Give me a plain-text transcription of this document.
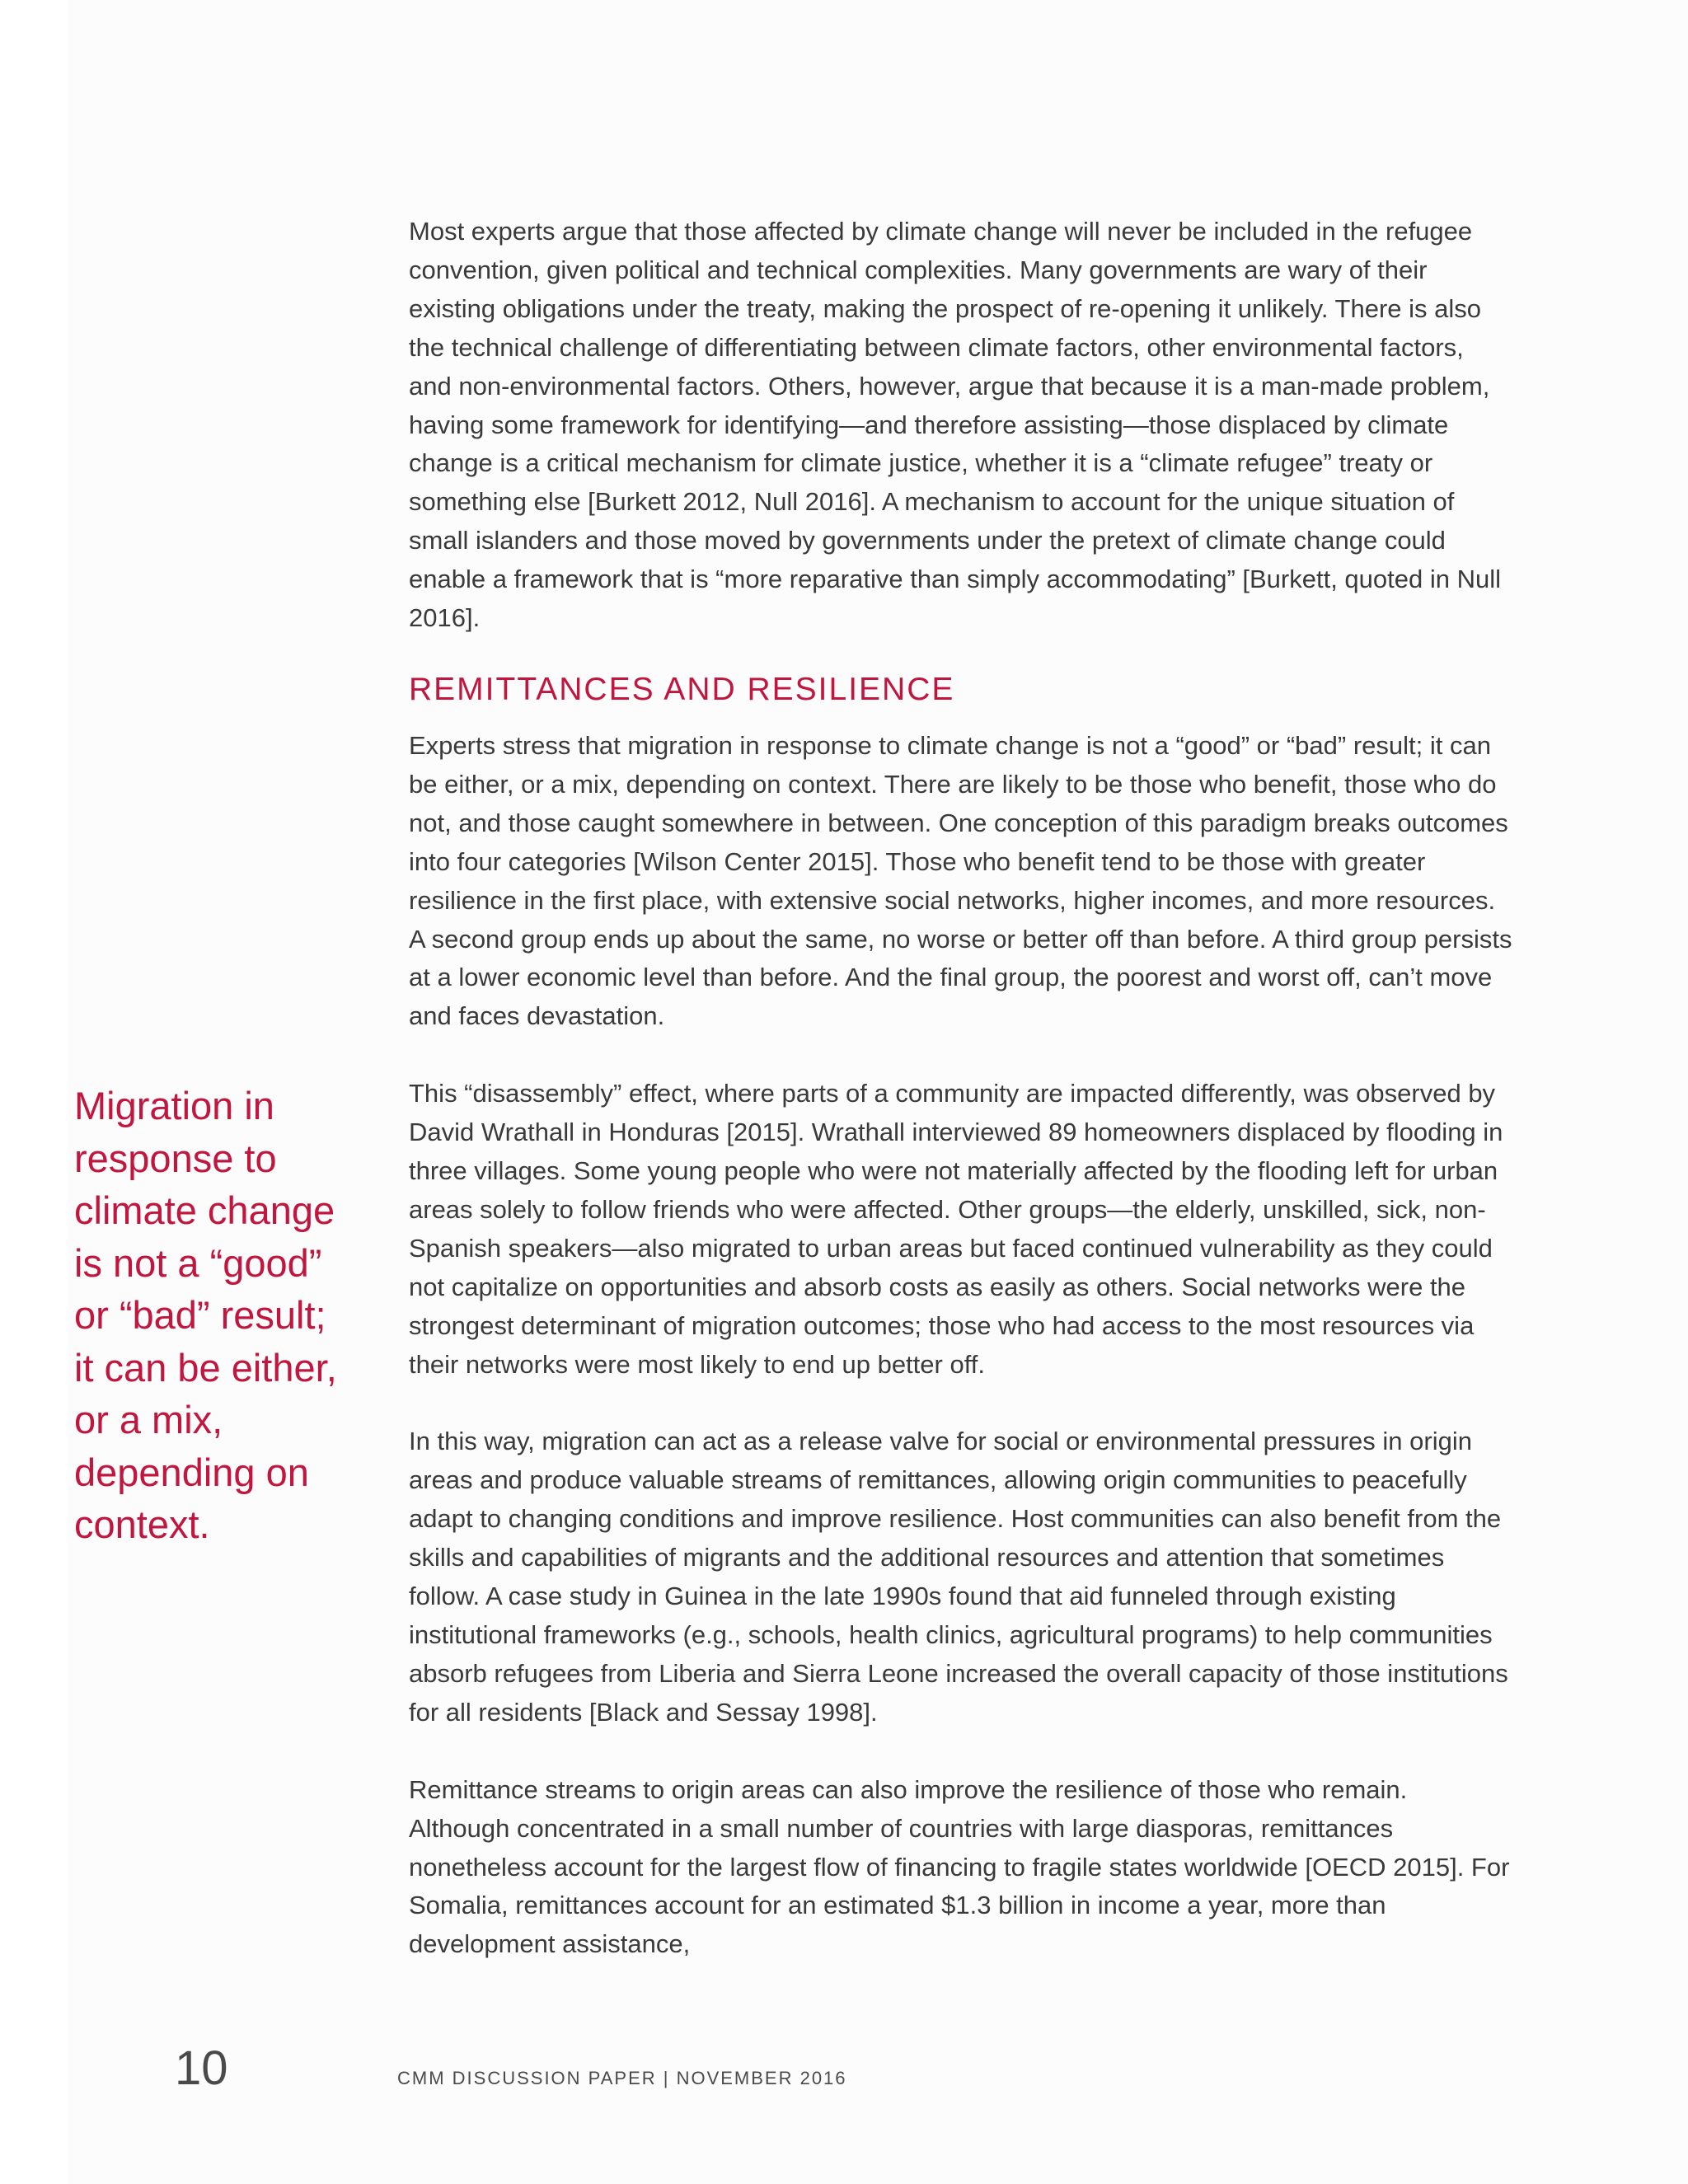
Most experts argue that those affected by climate change will never be included in the refugee convention, given political and technical complexities. Many governments are wary of their existing obligations under the treaty, making the prospect of re-opening it unlikely. There is also the technical challenge of differentiating between climate factors, other environmental factors, and non-environmental factors. Others, however, argue that because it is a man-made problem, having some framework for identifying—and therefore assisting—those displaced by climate change is a critical mechanism for climate justice, whether it is a “climate refugee” treaty or something else [Burkett 2012, Null 2016]. A mechanism to account for the unique situation of small islanders and those moved by governments under the pretext of climate change could enable a framework that is “more reparative than simply accommodating” [Burkett, quoted in Null 2016].

REMITTANCES AND RESILIENCE

Experts stress that migration in response to climate change is not a “good” or “bad” result; it can be either, or a mix, depending on context. There are likely to be those who benefit, those who do not, and those caught somewhere in between. One conception of this paradigm breaks outcomes into four categories [Wilson Center 2015]. Those who benefit tend to be those with greater resilience in the first place, with extensive social networks, higher incomes, and more resources. A second group ends up about the same, no worse or better off than before. A third group persists at a lower economic level than before. And the final group, the poorest and worst off, can’t move and faces devastation.

This “disassembly” effect, where parts of a community are impacted differently, was observed by David Wrathall in Honduras [2015]. Wrathall interviewed 89 homeowners displaced by flooding in three villages. Some young people who were not materially affected by the flooding left for urban areas solely to follow friends who were affected. Other groups—the elderly, unskilled, sick, non-Spanish speakers—also migrated to urban areas but faced continued vulnerability as they could not capitalize on opportunities and absorb costs as easily as others. Social networks were the strongest determinant of migration outcomes; those who had access to the most resources via their networks were most likely to end up better off.

In this way, migration can act as a release valve for social or environmental pressures in origin areas and produce valuable streams of remittances, allowing origin communities to peacefully adapt to changing conditions and improve resilience. Host communities can also benefit from the skills and capabilities of migrants and the additional resources and attention that sometimes follow. A case study in Guinea in the late 1990s found that aid funneled through existing institutional frameworks (e.g., schools, health clinics, agricultural programs) to help communities absorb refugees from Liberia and Sierra Leone increased the overall capacity of those institutions for all residents [Black and Sessay 1998].

Remittance streams to origin areas can also improve the resilience of those who remain. Although concentrated in a small number of countries with large diasporas, remittances nonetheless account for the largest flow of financing to fragile states worldwide [OECD 2015]. For Somalia, remittances account for an estimated $1.3 billion in income a year, more than development assistance,

Migration in response to climate change is not a “good” or “bad” result; it can be either, or a mix, depending on context.

10	CMM DISCUSSION PAPER | NOVEMBER 2016
